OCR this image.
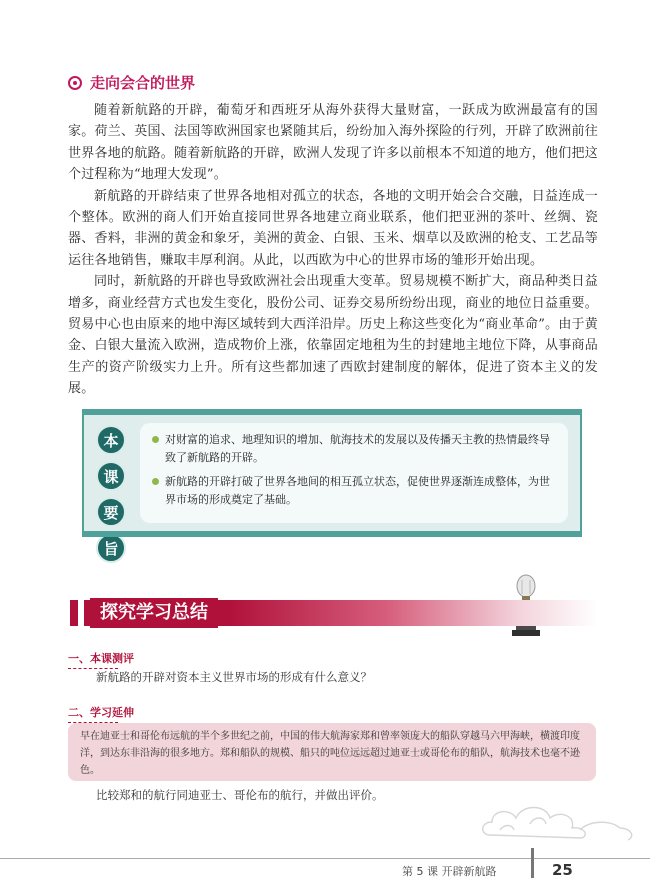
走向会合的世界

随着新航路的开辟，葡萄牙和西班牙从海外获得大量财富，一跃成为欧洲最富有的国家。荷兰、英国、法国等欧洲国家也紧随其后，纷纷加入海外探险的行列，开辟了欧洲前往世界各地的航路。随着新航路的开辟，欧洲人发现了许多以前根本不知道的地方，他们把这个过程称为“地理大发现”。

新航路的开辟结束了世界各地相对孤立的状态，各地的文明开始会合交融，日益连成一个整体。欧洲的商人们开始直接同世界各地建立商业联系，他们把亚洲的茶叶、丝绸、瓷器、香料，非洲的黄金和象牙，美洲的黄金、白银、玉米、烟草以及欧洲的枪支、工艺品等运往各地销售，赚取丰厚利润。从此，以西欧为中心的世界市场的雏形开始出现。

同时，新航路的开辟也导致欧洲社会出现重大变革。贸易规模不断扩大，商品种类日益增多，商业经营方式也发生变化，股份公司、证券交易所纷纷出现，商业的地位日益重要。贸易中心也由原来的地中海区域转到大西洋沿岸。历史上称这些变化为“商业革命”。由于黄金、白银大量流入欧洲，造成物价上涨，依靠固定地租为生的封建地主地位下降，从事商品生产的资产阶级实力上升。所有这些都加速了西欧封建制度的解体，促进了资本主义的发展。

本
课
要
旨
对财富的追求、地理知识的增加、航海技术的发展以及传播天主教的热情最终导致了新航路的开辟。
新航路的开辟打破了世界各地间的相互孤立状态，促使世界逐渐连成整体，为世界市场的形成奠定了基础。
探究学习总结
一、本课测评
新航路的开辟对资本主义世界市场的形成有什么意义？
二、学习延伸
早在迪亚士和哥伦布远航的半个多世纪之前，中国的伟大航海家郑和曾率领庞大的船队穿越马六甲海峡，横渡印度洋，到达东非沿海的很多地方。郑和船队的规模、船只的吨位远远超过迪亚士或哥伦布的船队，航海技术也毫不逊色。
比较郑和的航行同迪亚士、哥伦布的航行，并做出评价。
第 5 课 开辟新航路	25
